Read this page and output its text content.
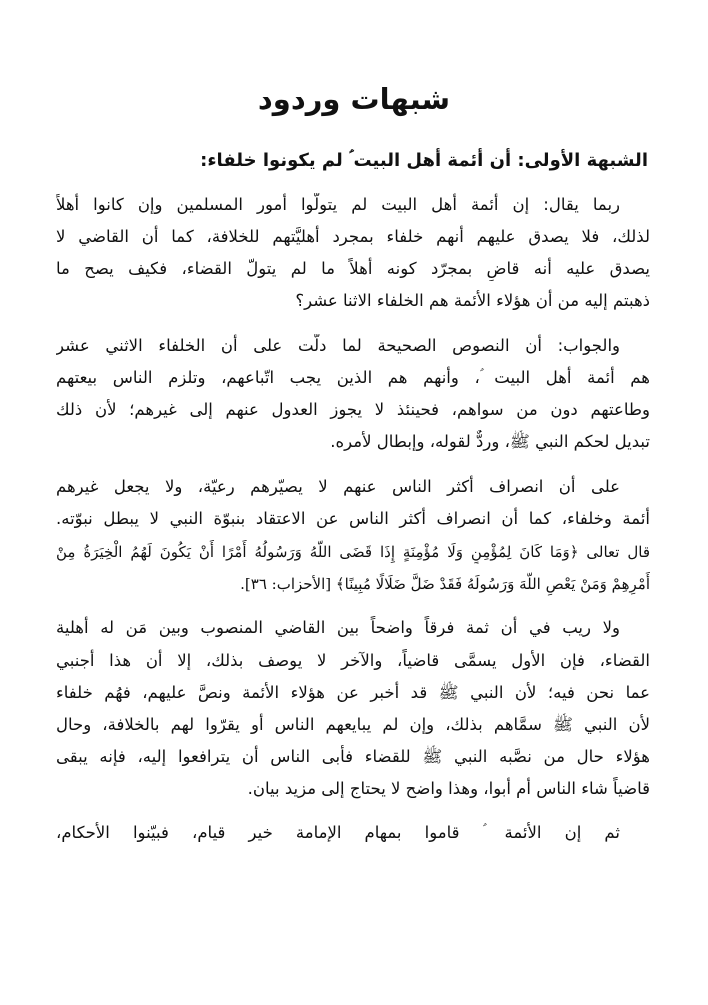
شبهات وردود
الشبهة الأولى: أن أئمة أهل البيت ؑ لم يكونوا خلفاء:
ربما يقال: إن أئمة أهل البيت لم يتولَّوا أمور المسلمين وإن كانوا أهلاً
لذلك، فلا يصدق عليهم أنهم خلفاء بمجرد أهليَّتهم للخلافة، كما أن القاضي لا
يصدق عليه أنه قاضٍ بمجرّد كونه أهلاً ما لم يتولّ القضاء، فكيف يصح ما
ذهبتم إليه من أن هؤلاء الأئمة هم الخلفاء الاثنا عشر؟
والجواب: أن النصوص الصحيحة لما دلّت على أن الخلفاء الاثني عشر
هم أئمة أهل البيت ؑ، وأنهم هم الذين يجب اتّباعهم، وتلزم الناس بيعتهم
وطاعتهم دون من سواهم، فحينئذ لا يجوز العدول عنهم إلى غيرهم؛ لأن ذلك
تبديل لحكم النبي ﷺ، وردٌّ لقوله، وإبطال لأمره.
على أن انصراف أكثر الناس عنهم لا يصيّرهم رعيّة، ولا يجعل غيرهم
أئمة وخلفاء، كما أن انصراف أكثر الناس عن الاعتقاد بنبوّة النبي لا يبطل نبوّته.
قال تعالى ﴿وَمَا كَانَ لِمُؤْمِنٍ وَلَا مُؤْمِنَةٍ إِذَا قَضَى اللَّهُ وَرَسُولُهُ أَمْرًا أَنْ يَكُونَ لَهُمُ الْخِيَرَةُ مِنْ
أَمْرِهِمْ وَمَنْ يَعْصِ اللَّهَ وَرَسُولَهُ فَقَدْ ضَلَّ ضَلَالًا مُبِينًا﴾ [الأحزاب: ٣٦].
ولا ريب في أن ثمة فرقاً واضحاً بين القاضي المنصوب وبين مَن له أهلية
القضاء، فإن الأول يسمَّى قاضياً، والآخر لا يوصف بذلك، إلا أن هذا أجنبي
عما نحن فيه؛ لأن النبي ﷺ قد أخبر عن هؤلاء الأئمة ونصَّ عليهم، فهُم خلفاء
لأن النبي ﷺ سمَّاهم بذلك، وإن لم يبايعهم الناس أو يقرّوا لهم بالخلافة، وحال
هؤلاء حال من نصَّبه النبي ﷺ للقضاء فأبى الناس أن يترافعوا إليه، فإنه يبقى
قاضياً شاء الناس أم أبوا، وهذا واضح لا يحتاج إلى مزيد بيان.
ثم إن الأئمة ؑ قاموا بمهام الإمامة خير قيام، فبيّنوا الأحكام،
